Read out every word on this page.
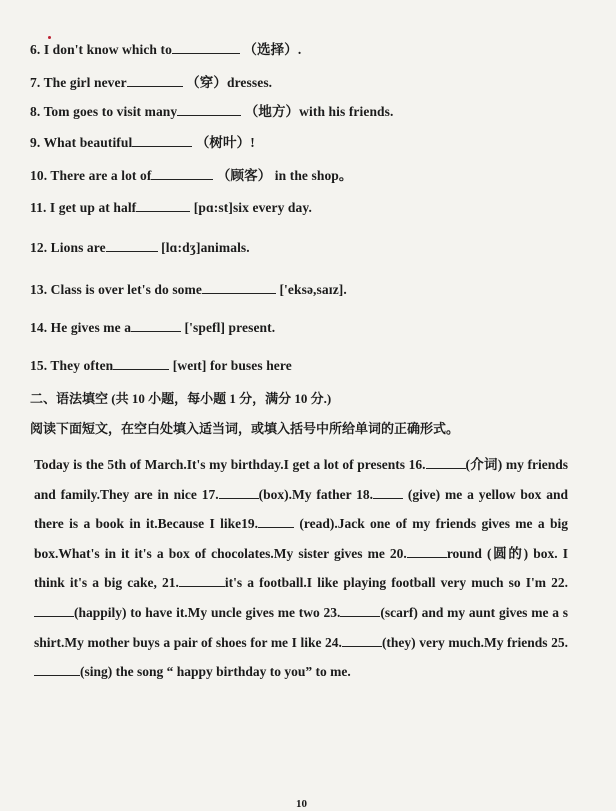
6. I don't know which to	（选择）.
7. The girl never	（穿）dresses.
8. Tom goes to visit many	（地方）with his friends.
9. What beautiful	（树叶）!
10. There are a lot of	（顾客） in the shop。
11. I get up at half	[pɑ:st]six every day.
12. Lions are	[lɑ:dʒ]animals.
13. Class is over let's do some	['eksə,saɪz].
14. He gives me a	['spefl] present.
15. They often	[weɪt] for buses here
二、语法填空 (共 10 小题，每小题 1 分，满分 10 分.)
阅读下面短文，在空白处填入适当词，或填入括号中所给单词的正确形式。
Today is the 5th of March.It's my birthday.I get a lot of presents 16.	(介词) my friends and family.They are in nice 17.	(box).My father 18. (give) me a yellow box and there is a book in it.Because I like19.	(read).Jack one of my friends gives me a big box.What's in it it's a box of chocolates.My sister gives me 20.	round (圆的) box. I think it's a big cake, 21.	it's a football.I like playing football very much so I'm 22.(happily) to have it.My uncle gives me two 23.	(scarf) and my aunt gives me a s shirt.My mother buys a pair of shoes for me I like 24.	(they) very much.My friends 25.(sing) the song “ happy birthday to you” to me.
10
